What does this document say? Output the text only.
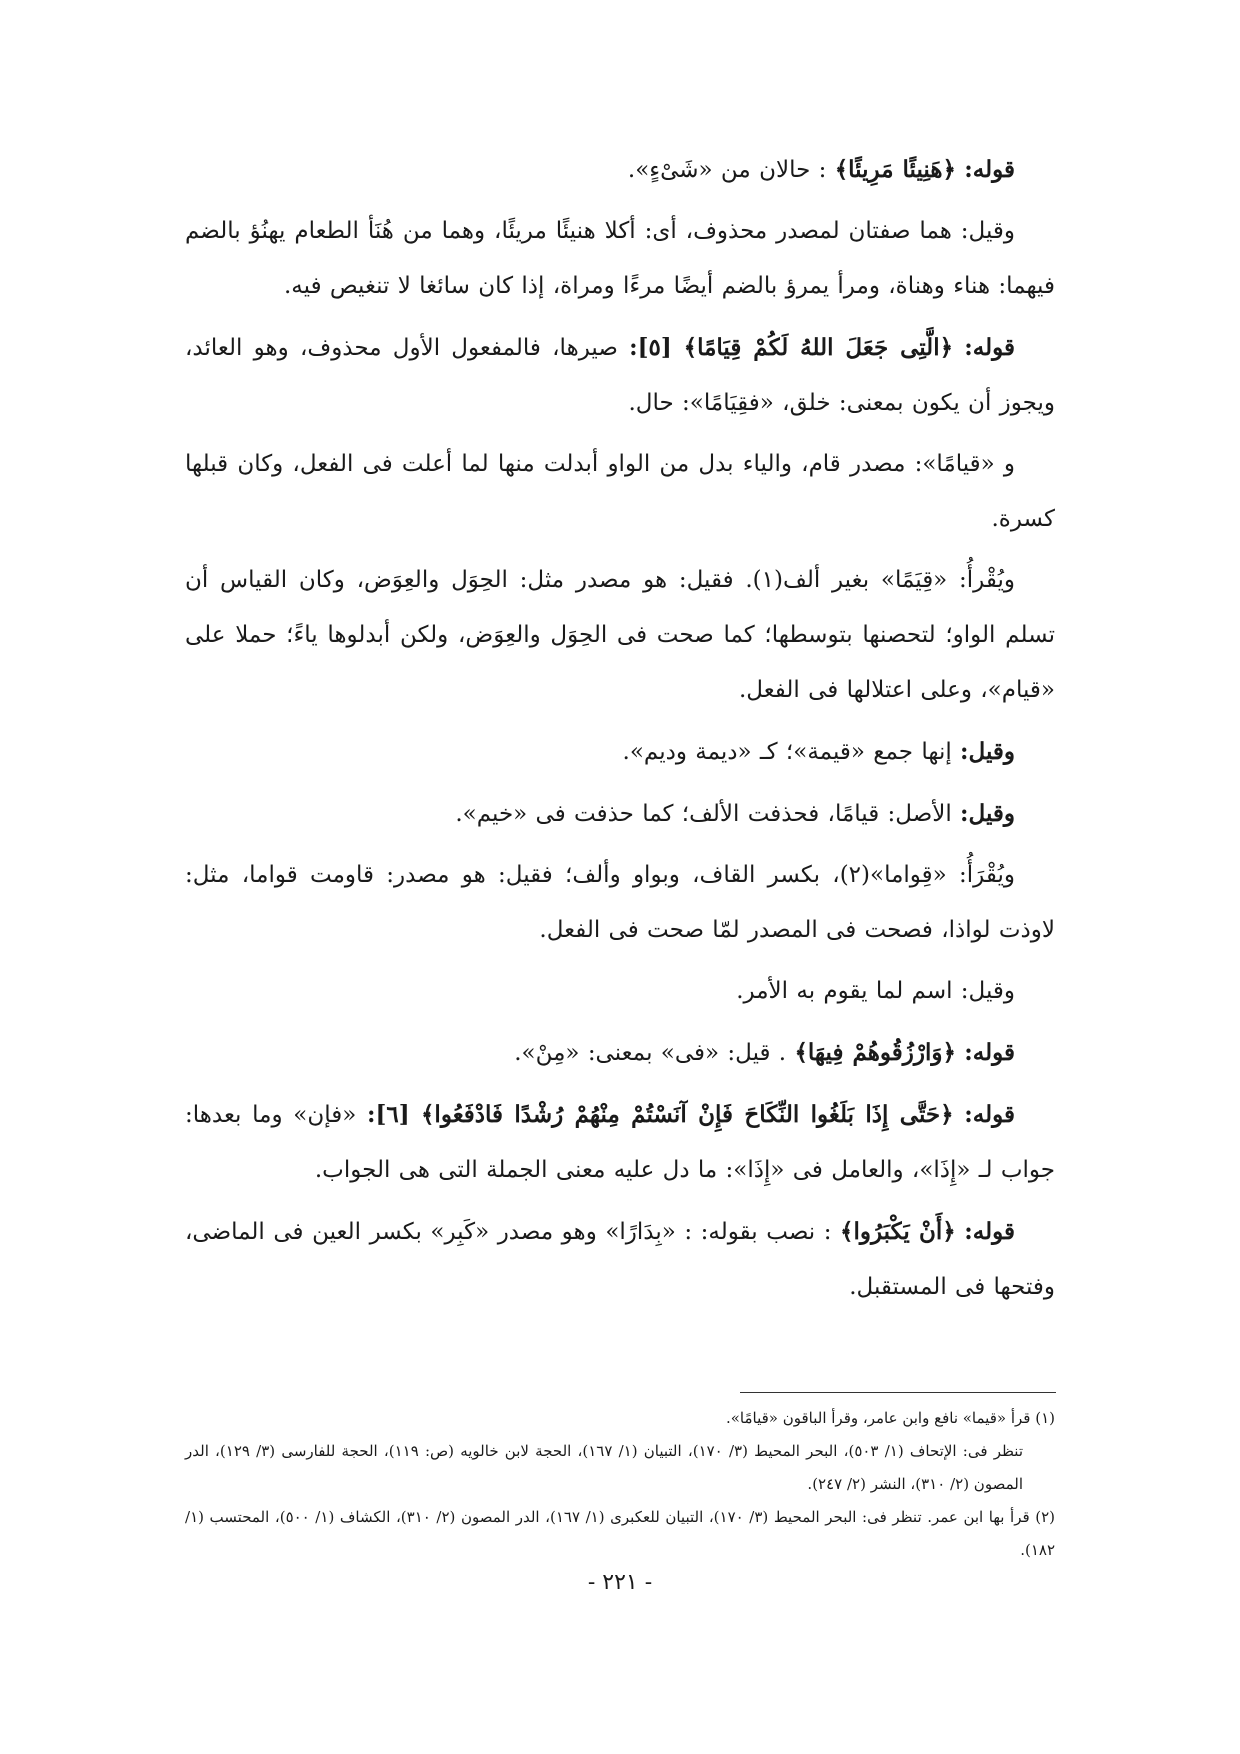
قوله: ﴿هَنِيئًا مَرِيئًا﴾ : حالان من «شَىْءٍ».

وقيل: هما صفتان لمصدر محذوف، أى: أكلا هنيئًا مريئًا، وهما من هُنَأ الطعام يهنُؤ بالضم فيهما: هناء وهناة، ومرأ يمرؤ بالضم أيضًا مرءًا ومراة، إذا كان سائغا لا تنغيص فيه.

قوله: ﴿الَّتِى جَعَلَ اللهُ لَكُمْ قِيَامًا﴾ [٥]: صيرها، فالمفعول الأول محذوف، وهو العائد، ويجوز أن يكون بمعنى: خلق، «فقِيَامًا»: حال.

و «قيامًا»: مصدر قام، والياء بدل من الواو أبدلت منها لما أعلت فى الفعل، وكان قبلها كسرة.

ويُقْرأُ: «قِيَمًا» بغير ألف(١). فقيل: هو مصدر مثل: الحِوَل والعِوَض، وكان القياس أن تسلم الواو؛ لتحصنها بتوسطها؛ كما صحت فى الحِوَل والعِوَض، ولكن أبدلوها ياءً؛ حملا على «قيام»، وعلى اعتلالها فى الفعل.

وقيل: إنها جمع «قيمة»؛ كـ «ديمة وديم».

وقيل: الأصل: قيامًا، فحذفت الألف؛ كما حذفت فى «خيم».

ويُقْرَأُ: «قِواما»(٢)، بكسر القاف، وبواو وألف؛ فقيل: هو مصدر: قاومت قواما، مثل: لاوذت لواذا، فصحت فى المصدر لمّا صحت فى الفعل.

وقيل: اسم لما يقوم به الأمر.

قوله: ﴿وَارْزُقُوهُمْ فِيهَا﴾ . قيل: «فى» بمعنى: «مِنْ».

قوله: ﴿حَتَّى إِذَا بَلَغُوا النِّكَاحَ فَإِنْ آنَسْتُمْ مِنْهُمْ رُشْدًا فَادْفَعُوا﴾ [٦]: «فإن» وما بعدها: جواب لـ «إِذَا»، والعامل فى «إِذَا»: ما دل عليه معنى الجملة التى هى الجواب.

قوله: ﴿أَنْ يَكْبَرُوا﴾ : نصب بقوله: : «بِدَارًا» وهو مصدر «كَبِر» بكسر العين فى الماضى، وفتحها فى المستقبل.

(١) قرأ «قيما» نافع وابن عامر، وقرأ الباقون «قيامًا».

تنظر فى: الإتحاف (١/ ٥٠٣)، البحر المحيط (٣/ ١٧٠)، التبيان (١/ ١٦٧)، الحجة لابن خالويه (ص: ١١٩)، الحجة للفارسى (٣/ ١٢٩)، الدر المصون (٢/ ٣١٠)، النشر (٢/ ٢٤٧).

(٢) قرأ بها ابن عمر. تنظر فى: البحر المحيط (٣/ ١٧٠)، التبيان للعكبرى (١/ ١٦٧)، الدر المصون (٢/ ٣١٠)، الكشاف (١/ ٥٠٠)، المحتسب (١/ ١٨٢).

- ٢٢١ -
